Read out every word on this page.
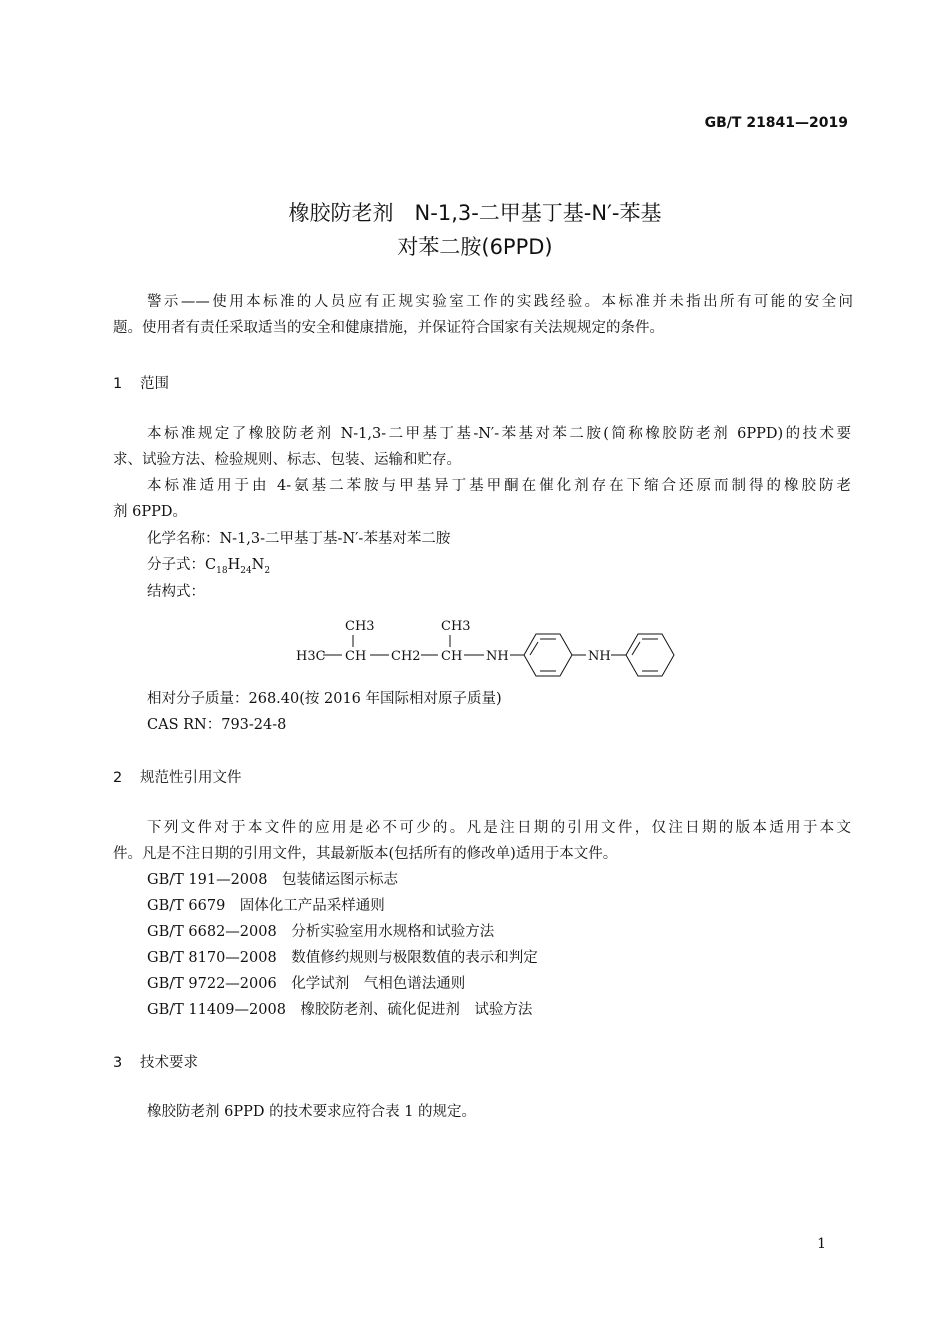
GB/T 21841—2019
橡胶防老剂　N-1,3-二甲基丁基-N′-苯基
对苯二胺(6PPD)
警示——使用本标准的人员应有正规实验室工作的实践经验。本标准并未指出所有可能的安全问
题。使用者有责任采取适当的安全和健康措施，并保证符合国家有关法规规定的条件。
1 范围
本标准规定了橡胶防老剂 N-1,3-二甲基丁基-N′-苯基对苯二胺(简称橡胶防老剂 6PPD)的技术要
求、试验方法、检验规则、标志、包装、运输和贮存。
本标准适用于由 4-氨基二苯胺与甲基异丁基甲酮在催化剂存在下缩合还原而制得的橡胶防老
剂 6PPD。
化学名称：N-1,3-二甲基丁基-N′-苯基对苯二胺
分子式：$C_{18}H_{24}N_2$
结构式：
CH3	CH3
H3C CH CH2 CH NH	NH
相对分子质量：268.40(按 2016 年国际相对原子质量)
CAS RN：793-24-8
2 规范性引用文件
下列文件对于本文件的应用是必不可少的。凡是注日期的引用文件，仅注日期的版本适用于本文
件。凡是不注日期的引用文件，其最新版本(包括所有的修改单)适用于本文件。
GB/T 191—2008　包装储运图示标志
GB/T 6679　固体化工产品采样通则
GB/T 6682—2008　分析实验室用水规格和试验方法
GB/T 8170—2008　数值修约规则与极限数值的表示和判定
GB/T 9722—2006　化学试剂　气相色谱法通则
GB/T 11409—2008　橡胶防老剂、硫化促进剂　试验方法
3 技术要求
橡胶防老剂 6PPD 的技术要求应符合表 1 的规定。
1
